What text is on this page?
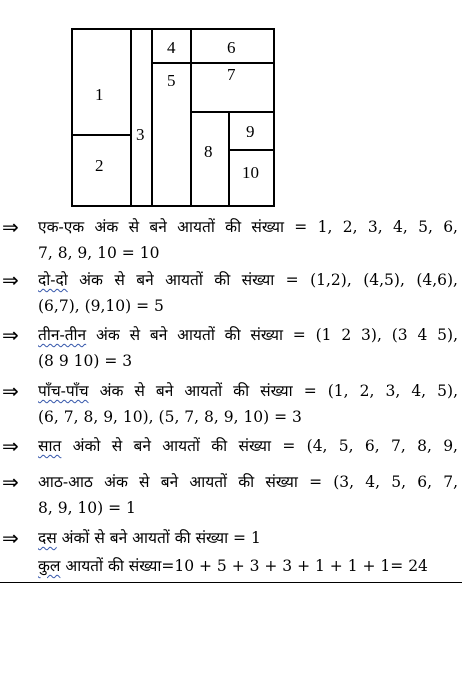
1
2
3
4
5
6
7
8
9
10
⇒	एक-एक अंक से बने आयतों की संख्या = 1, 2, 3, 4, 5, 6,
7, 8, 9, 10 = 10
⇒	दो-दो अंक से बने आयतों की संख्या = (1,2), (4,5), (4,6),
(6,7), (9,10) = 5
⇒	तीन-तीन अंक से बने आयतों की संख्या = (1 2 3), (3 4 5),
(8 9 10) = 3
⇒	पाँच-पाँच अंक से बने आयतों की संख्या = (1, 2, 3, 4, 5),
(6, 7, 8, 9, 10), (5, 7, 8, 9, 10) = 3
⇒	सात अंको से बने आयतों की संख्या = (4, 5, 6, 7, 8, 9,
⇒	आठ-आठ अंक से बने आयतों की संख्या = (3, 4, 5, 6, 7,
8, 9, 10) = 1
⇒	दस अंकों से बने आयतों की संख्या = 1
कुल आयतों की संख्या=10 + 5 + 3 + 3 + 1 + 1 + 1= 24
